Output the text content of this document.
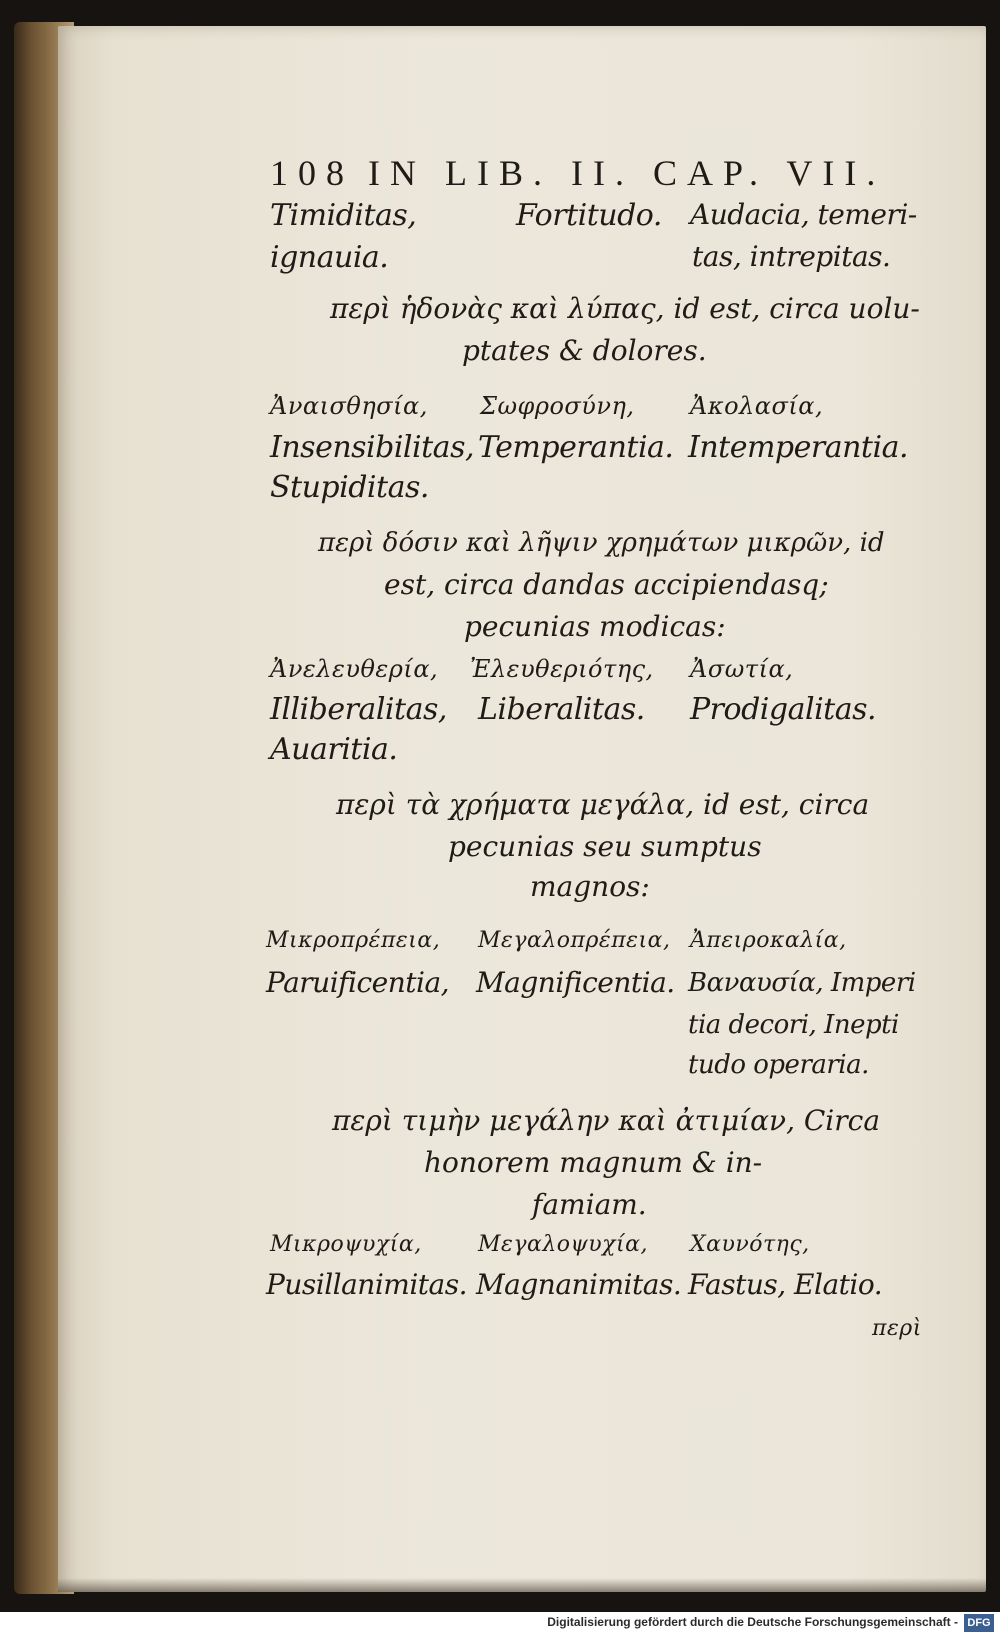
108 IN LIB. II. CAP. VII.
Timiditas,
ignauia.
Fortitudo. Audacia, temeri-
tas, intrepitas.
περὶ ἡδονὰς καὶ λύπας, id est, circa uolu-
ptates & dolores.
Ἀναισθησία, Σωφροσύνη, Ἀκολασία,
Insensibilitas,
Stupiditas.
Temperantia. Intemperantia.
περὶ δόσιν καὶ λῆψιν χρημάτων μικρῶν, id
est, circa dandas accipiendasq;
pecunias modicas:
Ἀνελευθερία, Ἐλευθεριότης, Ἀσωτία,
Illiberalitas,
Auaritia.
Liberalitas. Prodigalitas.
περὶ τὰ χρήματα μεγάλα, id est, circa
pecunias seu sumptus
magnos:
Μικροπρέπεια, Μεγαλοπρέπεια, Ἀπειροκαλία,
Paruificentia, Magnificentia. Βαναυσία, Imperi
tia decori, Inepti
tudo operaria.
περὶ τιμὴν μεγάλην καὶ ἀτιμίαν, Circa
honorem magnum & in-
famiam.
Μικροψυχία,	Μεγαλοψυχία, Χαυνότης,
Pusillanimitas. Magnanimitas. Fastus, Elatio.
περὶ
Digitalisierung gefördert durch die Deutsche Forschungsgemeinschaft - DFG
